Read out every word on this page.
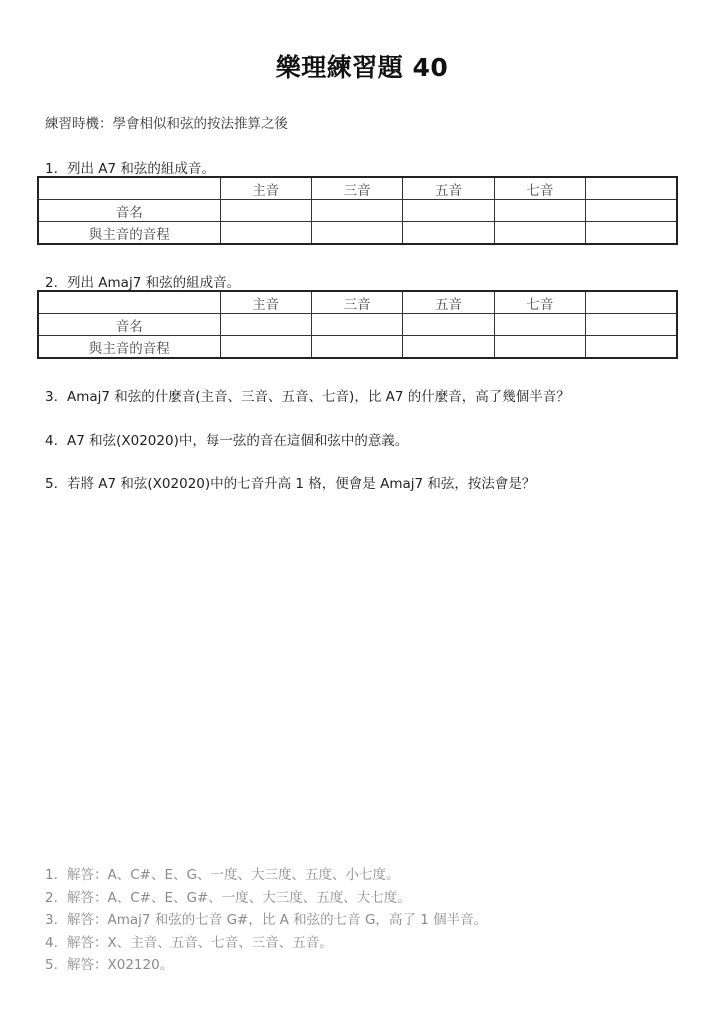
樂理練習題 40
練習時機：學會相似和弦的按法推算之後
1. 列出 A7 和弦的組成音。
	主音	三音	五音	七音	
音名					
與主音的音程					
2. 列出 Amaj7 和弦的組成音。
	主音	三音	五音	七音	
音名					
與主音的音程					
3. Amaj7 和弦的什麼音(主音、三音、五音、七音)，比 A7 的什麼音，高了幾個半音？
4. A7 和弦(X02020)中，每一弦的音在這個和弦中的意義。
5. 若將 A7 和弦(X02020)中的七音升高 1 格，便會是 Amaj7 和弦，按法會是？
1. 解答：A、C#、E、G、一度、大三度、五度、小七度。
2. 解答：A、C#、E、G#、一度、大三度、五度、大七度。
3. 解答：Amaj7 和弦的七音 G#，比 A 和弦的七音 G，高了 1 個半音。
4. 解答：X、主音、五音、七音、三音、五音。
5. 解答：X02120。
